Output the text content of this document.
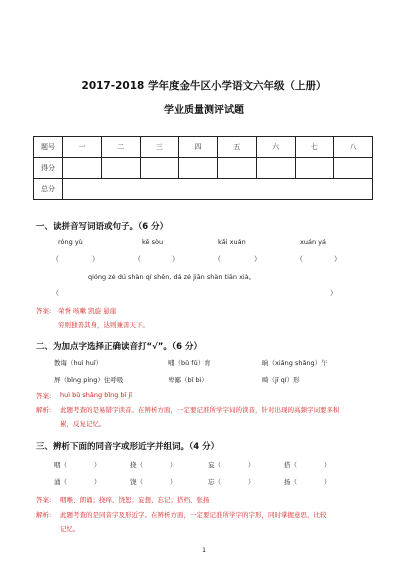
2017-2018 学年度金牛区小学语文六年级（上册）
学业质量测评试题
题号	一	二	三	四	五	六	七	八
得分								
总分								
一、读拼音写词语或句子。（6 分）
róng yù	kě sòu	kǎi xuán	xuán yá
（	）	（	）	（	）	（	）
qióng zé dú shàn qí shēn, dá zé jiān shàn tiān xià。
（	）
答案: 荣誉 咳嗽 凯旋 悬崖
穷则独善其身，达则兼善天下。
二、为加点字选择正确读音打“√”。（6 分）
教诲（huì huǐ）	哺（bǔ fǔ）育	晌（xiǎng shǎng）午
屏（bǐng píng）住呼吸	卑鄙（bǐ bì）	畸（jī qí）形
答案: huì bǔ shǎng bǐng bǐ jī
解析: 此题考查的是易错字读音。在辨析方面，一定要记准所学字词的读音，针对出现的高频字词要多积
累，反复记忆。
三、辨析下面的同音字或形近字并组词。（4 分）
咽（	）	挠（	）	妄（	）	搭（	）
涌（	）	饶（	）	忘（	）	扬（	）
答案: 咽喉、朗诵；挠痒、饶恕；妄想、忘记；搭档、张扬
解析: 此题考查的是同音字及形近字。在辨析方面，一定要记准所学字的字形，同时掌握意思，比较
记忆。
1
